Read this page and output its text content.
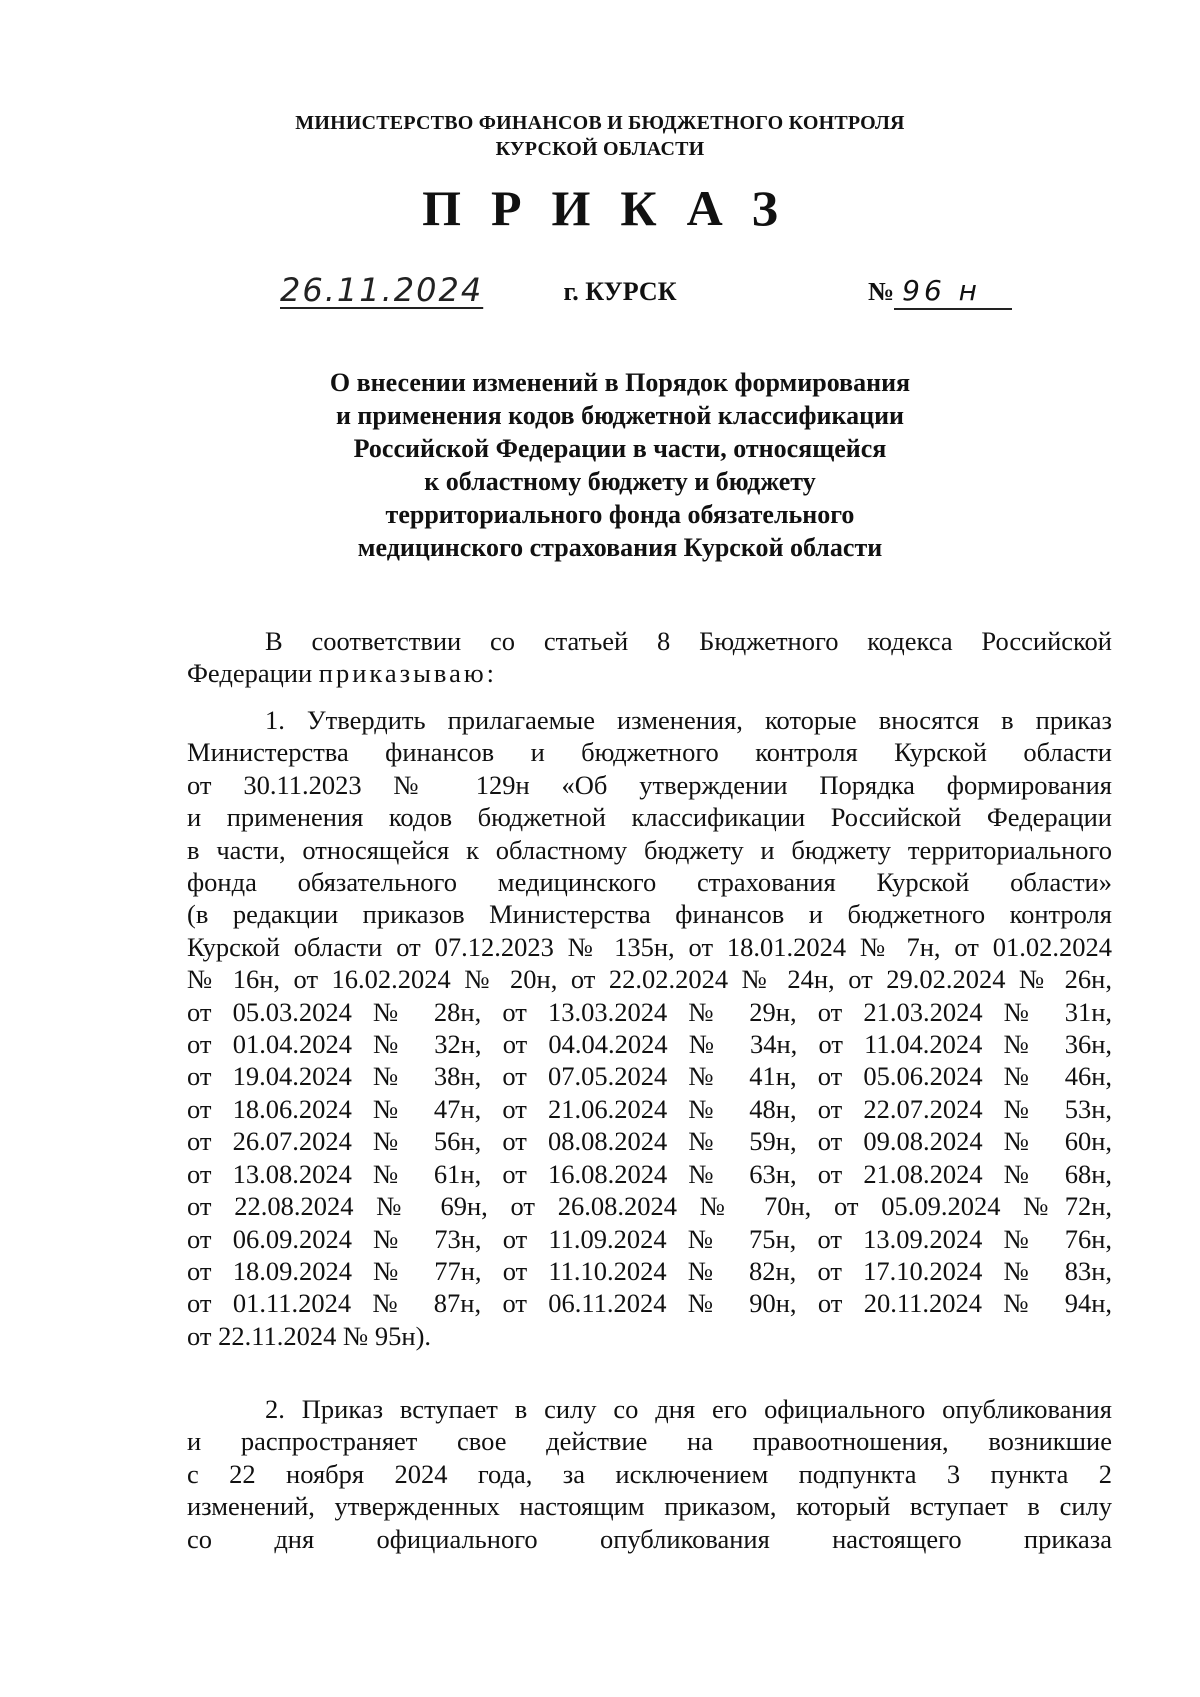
МИНИСТЕРСТВО ФИНАНСОВ И БЮДЖЕТНОГО КОНТРОЛЯ
КУРСКОЙ ОБЛАСТИ
ПРИКАЗ
26.11.2024	г. КУРСК	№ 96 н
О внесении изменений в Порядок формирования
и применения кодов бюджетной классификации
Российской Федерации в части, относящейся
к областному бюджету и бюджету
территориального фонда обязательного
медицинского страхования Курской области
В соответствии со статьей 8 Бюджетного кодекса Российской
Федерации приказываю:
1. Утвердить прилагаемые изменения, которые вносятся в приказ
Министерства финансов и бюджетного контроля Курской области
от 30.11.2023 № 129н «Об утверждении Порядка формирования
и применения кодов бюджетной классификации Российской Федерации
в части, относящейся к областному бюджету и бюджету территориального
фонда обязательного медицинского страхования Курской области»
(в редакции приказов Министерства финансов и бюджетного контроля
Курской области от 07.12.2023 № 135н, от 18.01.2024 № 7н, от 01.02.2024
№ 16н, от 16.02.2024 № 20н, от 22.02.2024 № 24н, от 29.02.2024 № 26н,
от 05.03.2024 № 28н, от 13.03.2024 № 29н, от 21.03.2024 № 31н,
от 01.04.2024 № 32н, от 04.04.2024 № 34н, от 11.04.2024 № 36н,
от 19.04.2024 № 38н, от 07.05.2024 № 41н, от 05.06.2024 № 46н,
от 18.06.2024 № 47н, от 21.06.2024 № 48н, от 22.07.2024 № 53н,
от 26.07.2024 № 56н, от 08.08.2024 № 59н, от 09.08.2024 № 60н,
от 13.08.2024 № 61н, от 16.08.2024 № 63н, от 21.08.2024 № 68н,
от 22.08.2024 № 69н, от 26.08.2024 № 70н, от 05.09.2024 №72н,
от 06.09.2024 № 73н, от 11.09.2024 № 75н, от 13.09.2024 № 76н,
от 18.09.2024 № 77н, от 11.10.2024 № 82н, от 17.10.2024 № 83н,
от 01.11.2024 № 87н, от 06.11.2024 № 90н, от 20.11.2024 № 94н,
от 22.11.2024 № 95н).
2. Приказ вступает в силу со дня его официального опубликования
и распространяет свое действие на правоотношения, возникшие
с 22 ноября 2024 года, за исключением подпункта 3 пункта 2
изменений, утвержденных настоящим приказом, который вступает в силу
со дня официального опубликования настоящего приказа
